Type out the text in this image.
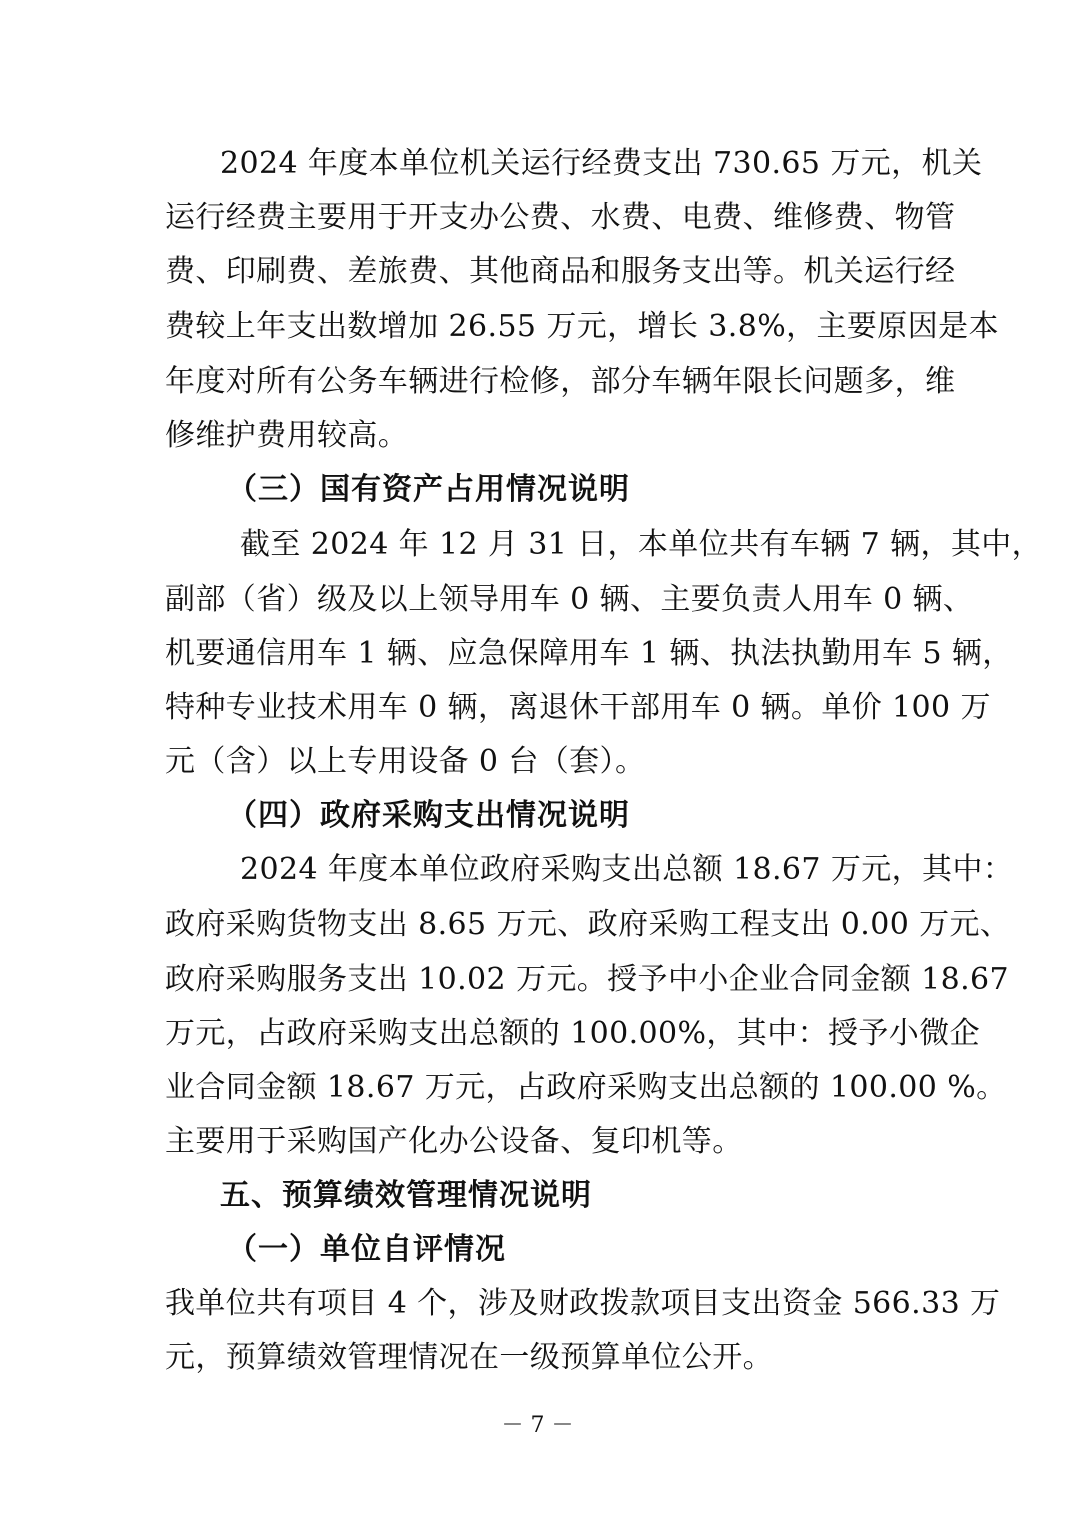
2024 年度本单位机关运行经费支出 730.65 万元，机关
运行经费主要用于开支办公费、水费、电费、维修费、物管
费、印刷费、差旅费、其他商品和服务支出等。机关运行经
费较上年支出数增加 26.55 万元，增长 3.8%，主要原因是本
年度对所有公务车辆进行检修，部分车辆年限长问题多，维
修维护费用较高。
（三）国有资产占用情况说明
截至 2024 年 12 月 31 日，本单位共有车辆 7 辆，其中，
副部（省）级及以上领导用车 0 辆、主要负责人用车 0 辆、
机要通信用车 1 辆、应急保障用车 1 辆、执法执勤用车 5 辆，
特种专业技术用车 0 辆，离退休干部用车 0 辆。单价 100 万
元（含）以上专用设备 0 台（套）。
（四）政府采购支出情况说明
2024 年度本单位政府采购支出总额 18.67 万元，其中：
政府采购货物支出 8.65 万元、政府采购工程支出 0.00 万元、
政府采购服务支出 10.02 万元。授予中小企业合同金额 18.67
万元，占政府采购支出总额的 100.00%，其中：授予小微企
业合同金额 18.67 万元，占政府采购支出总额的 100.00 %。
主要用于采购国产化办公设备、复印机等。
五、预算绩效管理情况说明
（一）单位自评情况
我单位共有项目 4 个，涉及财政拨款项目支出资金 566.33 万
元，预算绩效管理情况在一级预算单位公开。
－ 7 －
